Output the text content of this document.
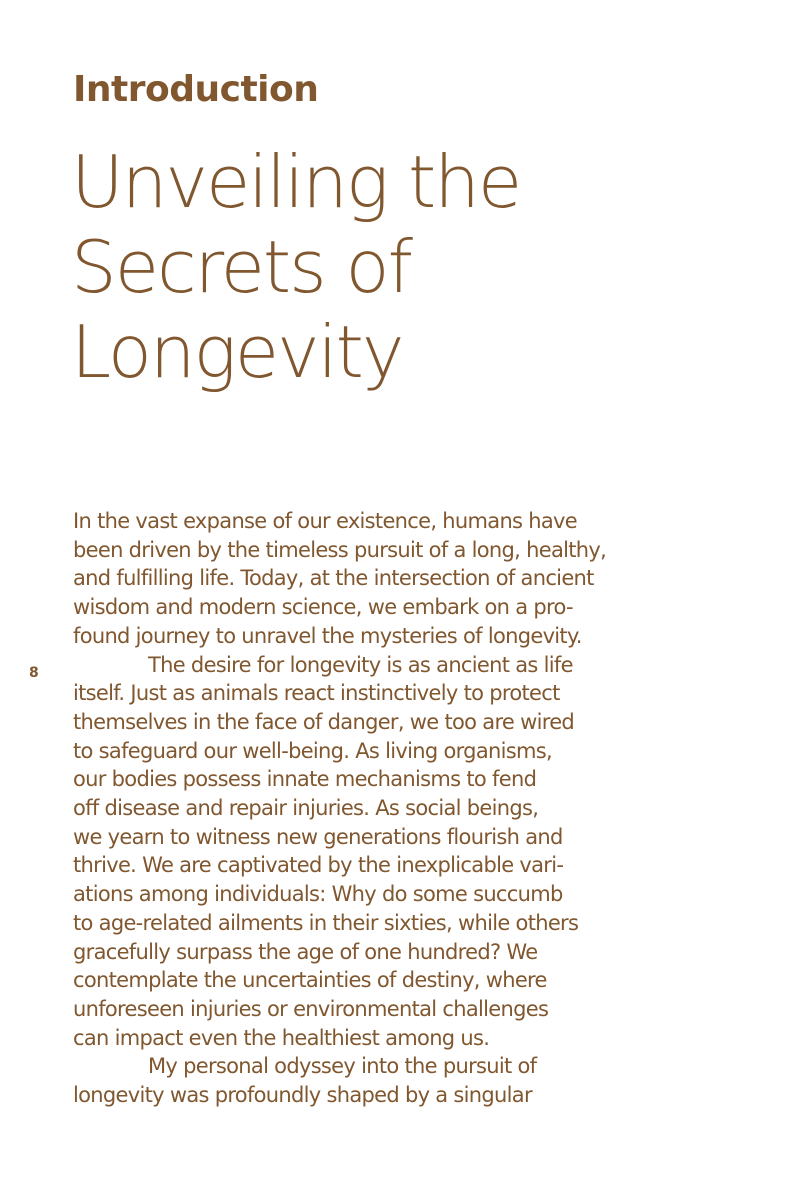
Introduction
Unveiling the
Secrets of
Longevity
8
In the vast expanse of our existence, humans have
been driven by the timeless pursuit of a long, healthy,
and fulfilling life. Today, at the intersection of ancient
wisdom and modern science, we embark on a pro-
found journey to unravel the mysteries of longevity.
The desire for longevity is as ancient as life
itself. Just as animals react instinctively to protect
themselves in the face of danger, we too are wired
to safeguard our well-being. As living organisms,
our bodies possess innate mechanisms to fend
off disease and repair injuries. As social beings,
we yearn to witness new generations flourish and
thrive. We are captivated by the inexplicable vari-
ations among individuals: Why do some succumb
to age-related ailments in their sixties, while others
gracefully surpass the age of one hundred? We
contemplate the uncertainties of destiny, where
unforeseen injuries or environmental challenges
can impact even the healthiest among us.
My personal odyssey into the pursuit of
longevity was profoundly shaped by a singular
